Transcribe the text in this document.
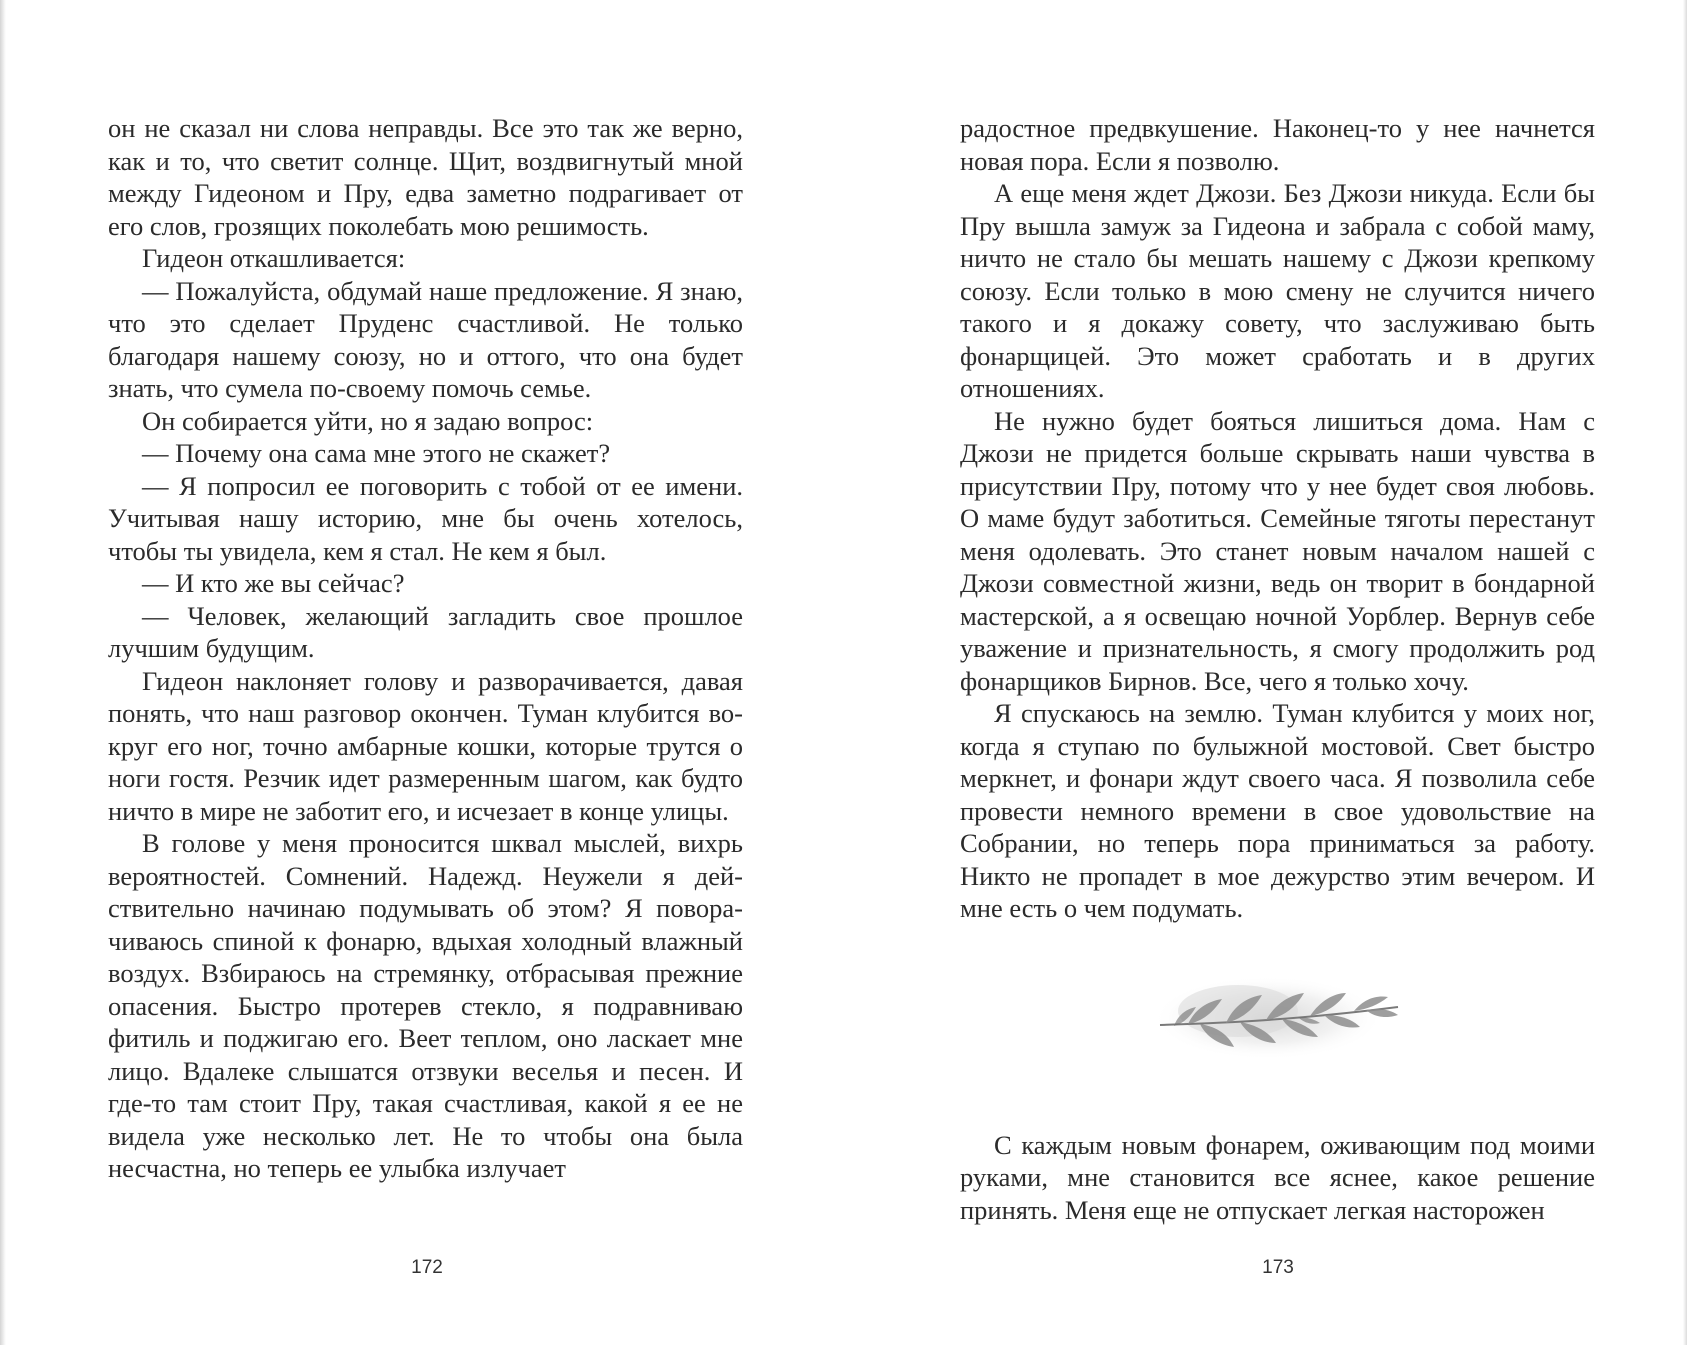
он не сказал ни слова неправды. Все это так же верно, как и то, что светит солнце. Щит, воздвигнутый мной между Гидеоном и Пру, едва заметно подрагивает от его слов, грозящих поколебать мою решимость.

Гидеон откашливается:

— Пожалуйста, обдумай наше предложение. Я знаю, что это сделает Пруденс счастливой. Не только благодаря нашему союзу, но и оттого, что она будет знать, что сумела по-своему помочь семье.

Он собирается уйти, но я задаю вопрос:

— Почему она сама мне этого не скажет?

— Я попросил ее поговорить с тобой от ее имени. Учитывая нашу историю, мне бы очень хотелось, чтобы ты увидела, кем я стал. Не кем я был.

— И кто же вы сейчас?

— Человек, желающий загладить свое прошлое лучшим будущим.

Гидеон наклоняет голову и разворачивается, давая понять, что наш разговор окончен. Туман клубится вокруг его ног, точно амбарные кошки, которые трутся о ноги гостя. Резчик идет размеренным шагом, как будто ничто в мире не заботит его, и исчезает в конце улицы.

В голове у меня проносится шквал мыслей, вихрь вероятностей. Сомнений. Надежд. Неужели я действительно начинаю подумывать об этом? Я поворачиваюсь спиной к фонарю, вдыхая холодный влажный воздух. Взбираюсь на стремянку, отбрасывая прежние опасения. Быстро протерев стекло, я подравниваю фитиль и поджигаю его. Веет теплом, оно ласкает мне лицо. Вдалеке слышатся отзвуки веселья и песен. И где-то там стоит Пру, такая счастливая, какой я ее не видела уже несколько лет. Не то чтобы она была несчастна, но теперь ее улыбка излучает

радостное предвкушение. Наконец-то у нее начнется новая пора. Если я позволю.

А еще меня ждет Джози. Без Джози никуда. Если бы Пру вышла замуж за Гидеона и забрала с собой маму, ничто не стало бы мешать нашему с Джози крепкому союзу. Если только в мою смену не случится ничего такого и я докажу совету, что заслуживаю быть фонарщицей. Это может сработать и в других отношениях.

Не нужно будет бояться лишиться дома. Нам с Джози не придется больше скрывать наши чувства в присутствии Пру, потому что у нее будет своя любовь. О маме будут заботиться. Семейные тяготы перестанут меня одолевать. Это станет новым началом нашей с Джози совместной жизни, ведь он творит в бондарной мастерской, а я освещаю ночной Уорблер. Вернув себе уважение и признательность, я смогу продолжить род фонарщиков Бирнов. Все, чего я только хочу.

Я спускаюсь на землю. Туман клубится у моих ног, когда я ступаю по булыжной мостовой. Свет быстро меркнет, и фонари ждут своего часа. Я позволила себе провести немного времени в свое удовольствие на Собрании, но теперь пора приниматься за работу. Никто не пропадет в мое дежурство этим вечером. И мне есть о чем подумать.

С каждым новым фонарем, оживающим под моими руками, мне становится все яснее, какое решение принять. Меня еще не отпускает легкая насторожен

172	173
